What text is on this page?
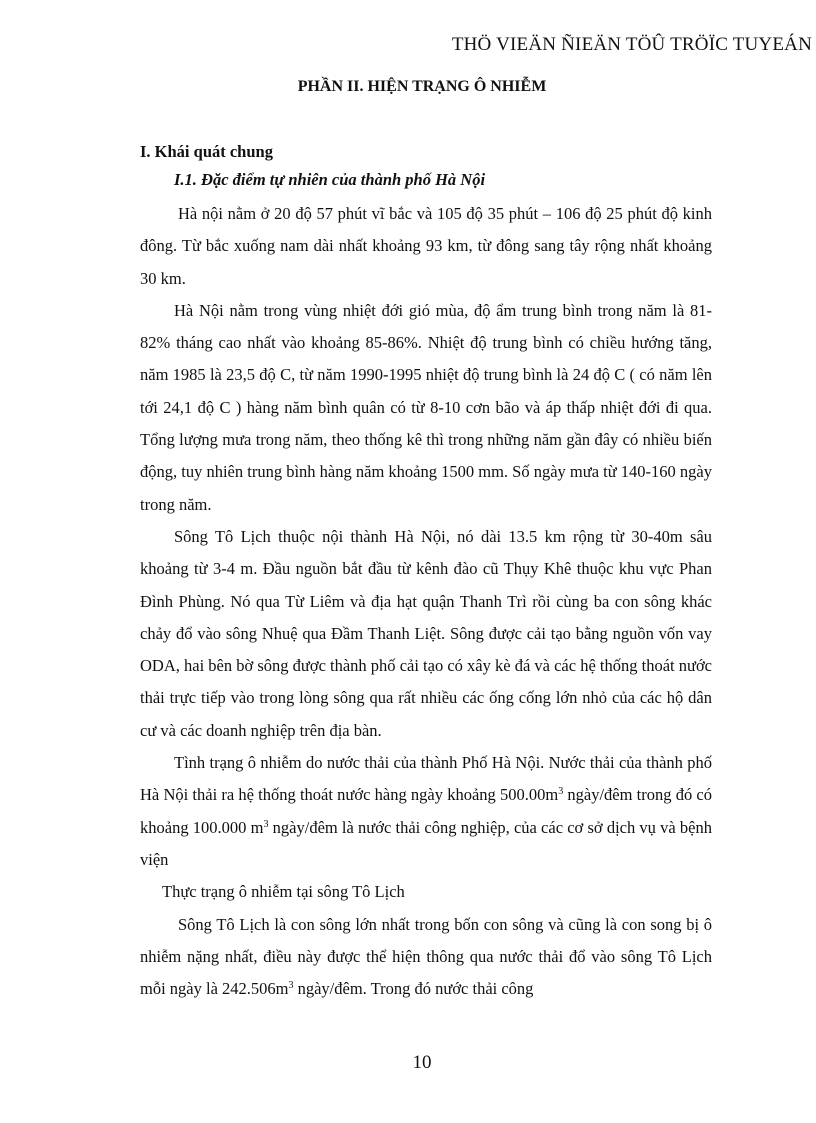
THÖ VIEÄN ÑIEÄN TÖÛ TRÖÏC TUYEÁN
PHẦN II. HIỆN TRẠNG Ô NHIỄM
I. Khái quát chung
I.1. Đặc điểm tự nhiên của thành phố Hà Nội

Hà nội nằm ở 20 độ 57 phút vĩ bắc và 105 độ 35 phút – 106 độ 25 phút độ kinh đông. Từ bắc xuống nam dài nhất khoảng 93 km, từ đông sang tây rộng nhất khoảng 30 km.

Hà Nội nằm trong vùng nhiệt đới gió mùa, độ ẩm trung bình trong năm là 81-82% tháng cao nhất vào khoảng 85-86%. Nhiệt độ trung bình có chiều hướng tăng, năm 1985 là 23,5 độ C, từ năm 1990-1995 nhiệt độ trung bình là 24 độ C ( có năm lên tới 24,1 độ C ) hàng năm bình quân có từ 8-10 cơn bão và áp thấp nhiệt đới đi qua. Tổng lượng mưa trong năm, theo thống kê thì trong những năm gần đây có nhiều biến động, tuy nhiên trung bình hàng năm khoảng 1500 mm. Số ngày mưa từ 140-160 ngày trong năm.

Sông Tô Lịch thuộc nội thành Hà Nội, nó dài 13.5 km rộng từ 30-40m sâu khoảng từ 3-4 m. Đầu nguồn bắt đầu từ kênh đào cũ Thụy Khê thuộc khu vực Phan Đình Phùng. Nó qua Từ Liêm và địa hạt quận Thanh Trì rồi cùng ba con sông khác chảy đổ vào sông Nhuệ qua Đầm Thanh Liệt. Sông được cải tạo bằng nguồn vốn vay ODA, hai bên bờ sông được thành phố cải tạo có xây kè đá và các hệ thống thoát nước thải trực tiếp vào trong lòng sông qua rất nhiều các ống cống lớn nhỏ của các hộ dân cư và các doanh nghiệp trên địa bàn.

Tình trạng ô nhiễm do nước thải của thành Phố Hà Nội. Nước thải của thành phố Hà Nội thải ra hệ thống thoát nước hàng ngày khoảng $500.00m^3$ ngày/đêm trong đó có khoảng 100.000 $m^3$ ngày/đêm là nước thải công nghiệp, của các cơ sở dịch vụ và bệnh viện

Thực trạng ô nhiễm tại sông Tô Lịch

Sông Tô Lịch là con sông lớn nhất trong bốn con sông và cũng là con song bị ô nhiễm nặng nhất, điều này được thể hiện thông qua nước thải đổ vào sông Tô Lịch mỗi ngày là $242.506m^3$ ngày/đêm. Trong đó nước thải công

10
